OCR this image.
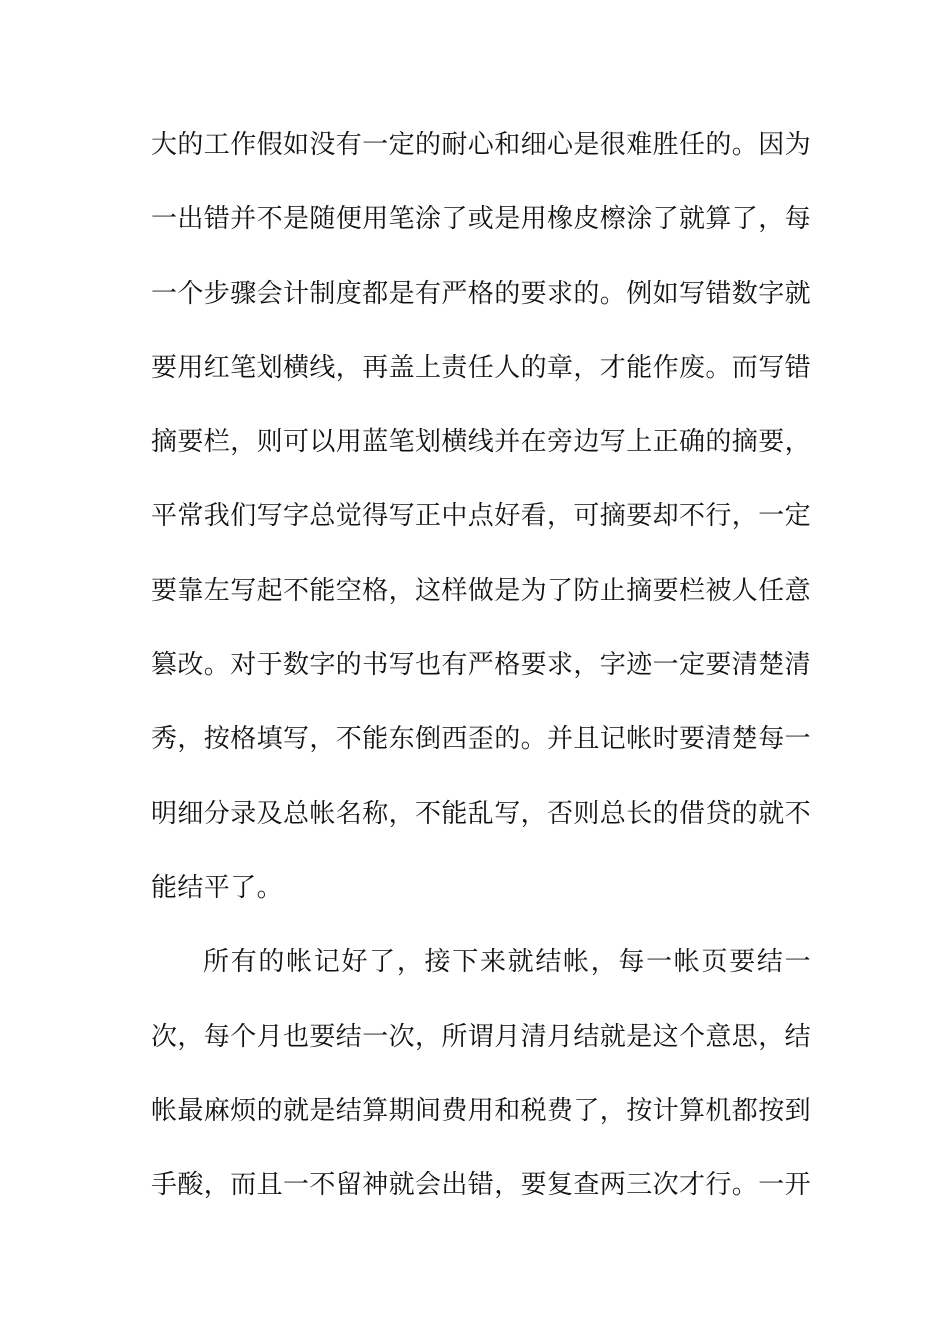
大的工作假如没有一定的耐心和细心是很难胜任的。因为
一出错并不是随便用笔涂了或是用橡皮檫涂了就算了，每
一个步骤会计制度都是有严格的要求的。例如写错数字就
要用红笔划横线，再盖上责任人的章，才能作废。而写错
摘要栏，则可以用蓝笔划横线并在旁边写上正确的摘要，
平常我们写字总觉得写正中点好看，可摘要却不行，一定
要靠左写起不能空格，这样做是为了防止摘要栏被人任意
篡改。对于数字的书写也有严格要求，字迹一定要清楚清
秀，按格填写，不能东倒西歪的。并且记帐时要清楚每一
明细分录及总帐名称，不能乱写，否则总长的借贷的就不
能结平了。
所有的帐记好了，接下来就结帐，每一帐页要结一
次，每个月也要结一次，所谓月清月结就是这个意思，结
帐最麻烦的就是结算期间费用和税费了，按计算机都按到
手酸，而且一不留神就会出错，要复查两三次才行。一开
